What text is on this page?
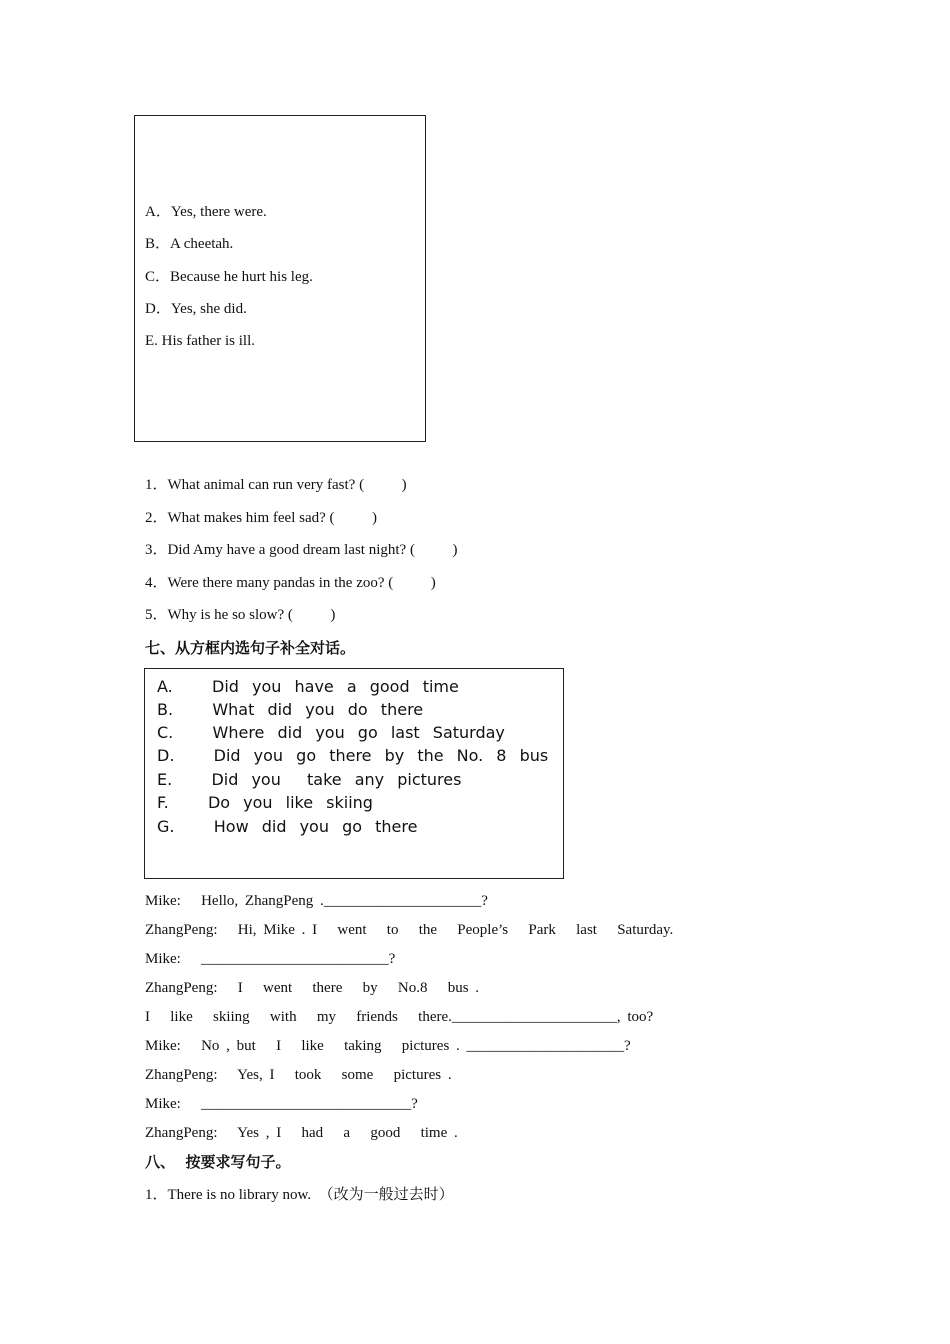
A．Yes, there were.
B．A cheetah.
C．Because he hurt his leg.
D．Yes, she did.
E. His father is ill.
1．What animal can run very fast? (          )
2．What makes him feel sad? (          )
3．Did Amy have a good dream last night? (          )
4．Were there many pandas in the zoo? (          )
5．Why is he so slow? (          )
七、从方框内选句子补全对话。
A.   Did you have a good time
B.   What did you do there
C.   Where did you go last Saturday
D.   Did you go there by the No. 8 bus
E.   Did you  take any pictures
F.   Do you like skiing
G.   How did you go there
Mike:   Hello, ZhangPeng ._____________________?
ZhangPeng:   Hi, Mike . I   went   to   the   People’s   Park   last   Saturday.
Mike:   _________________________?
ZhangPeng:   I   went   there   by   No.8   bus .
I   like   skiing   with   my   friends   there.______________________, too?
Mike:   No , but   I   like   taking   pictures . _____________________?
ZhangPeng:   Yes, I   took   some   pictures .
Mike:   ____________________________?
ZhangPeng:   Yes , I   had   a   good   time .
八、  按要求写句子。
1．There is no library now.  （改为一般过去时）
